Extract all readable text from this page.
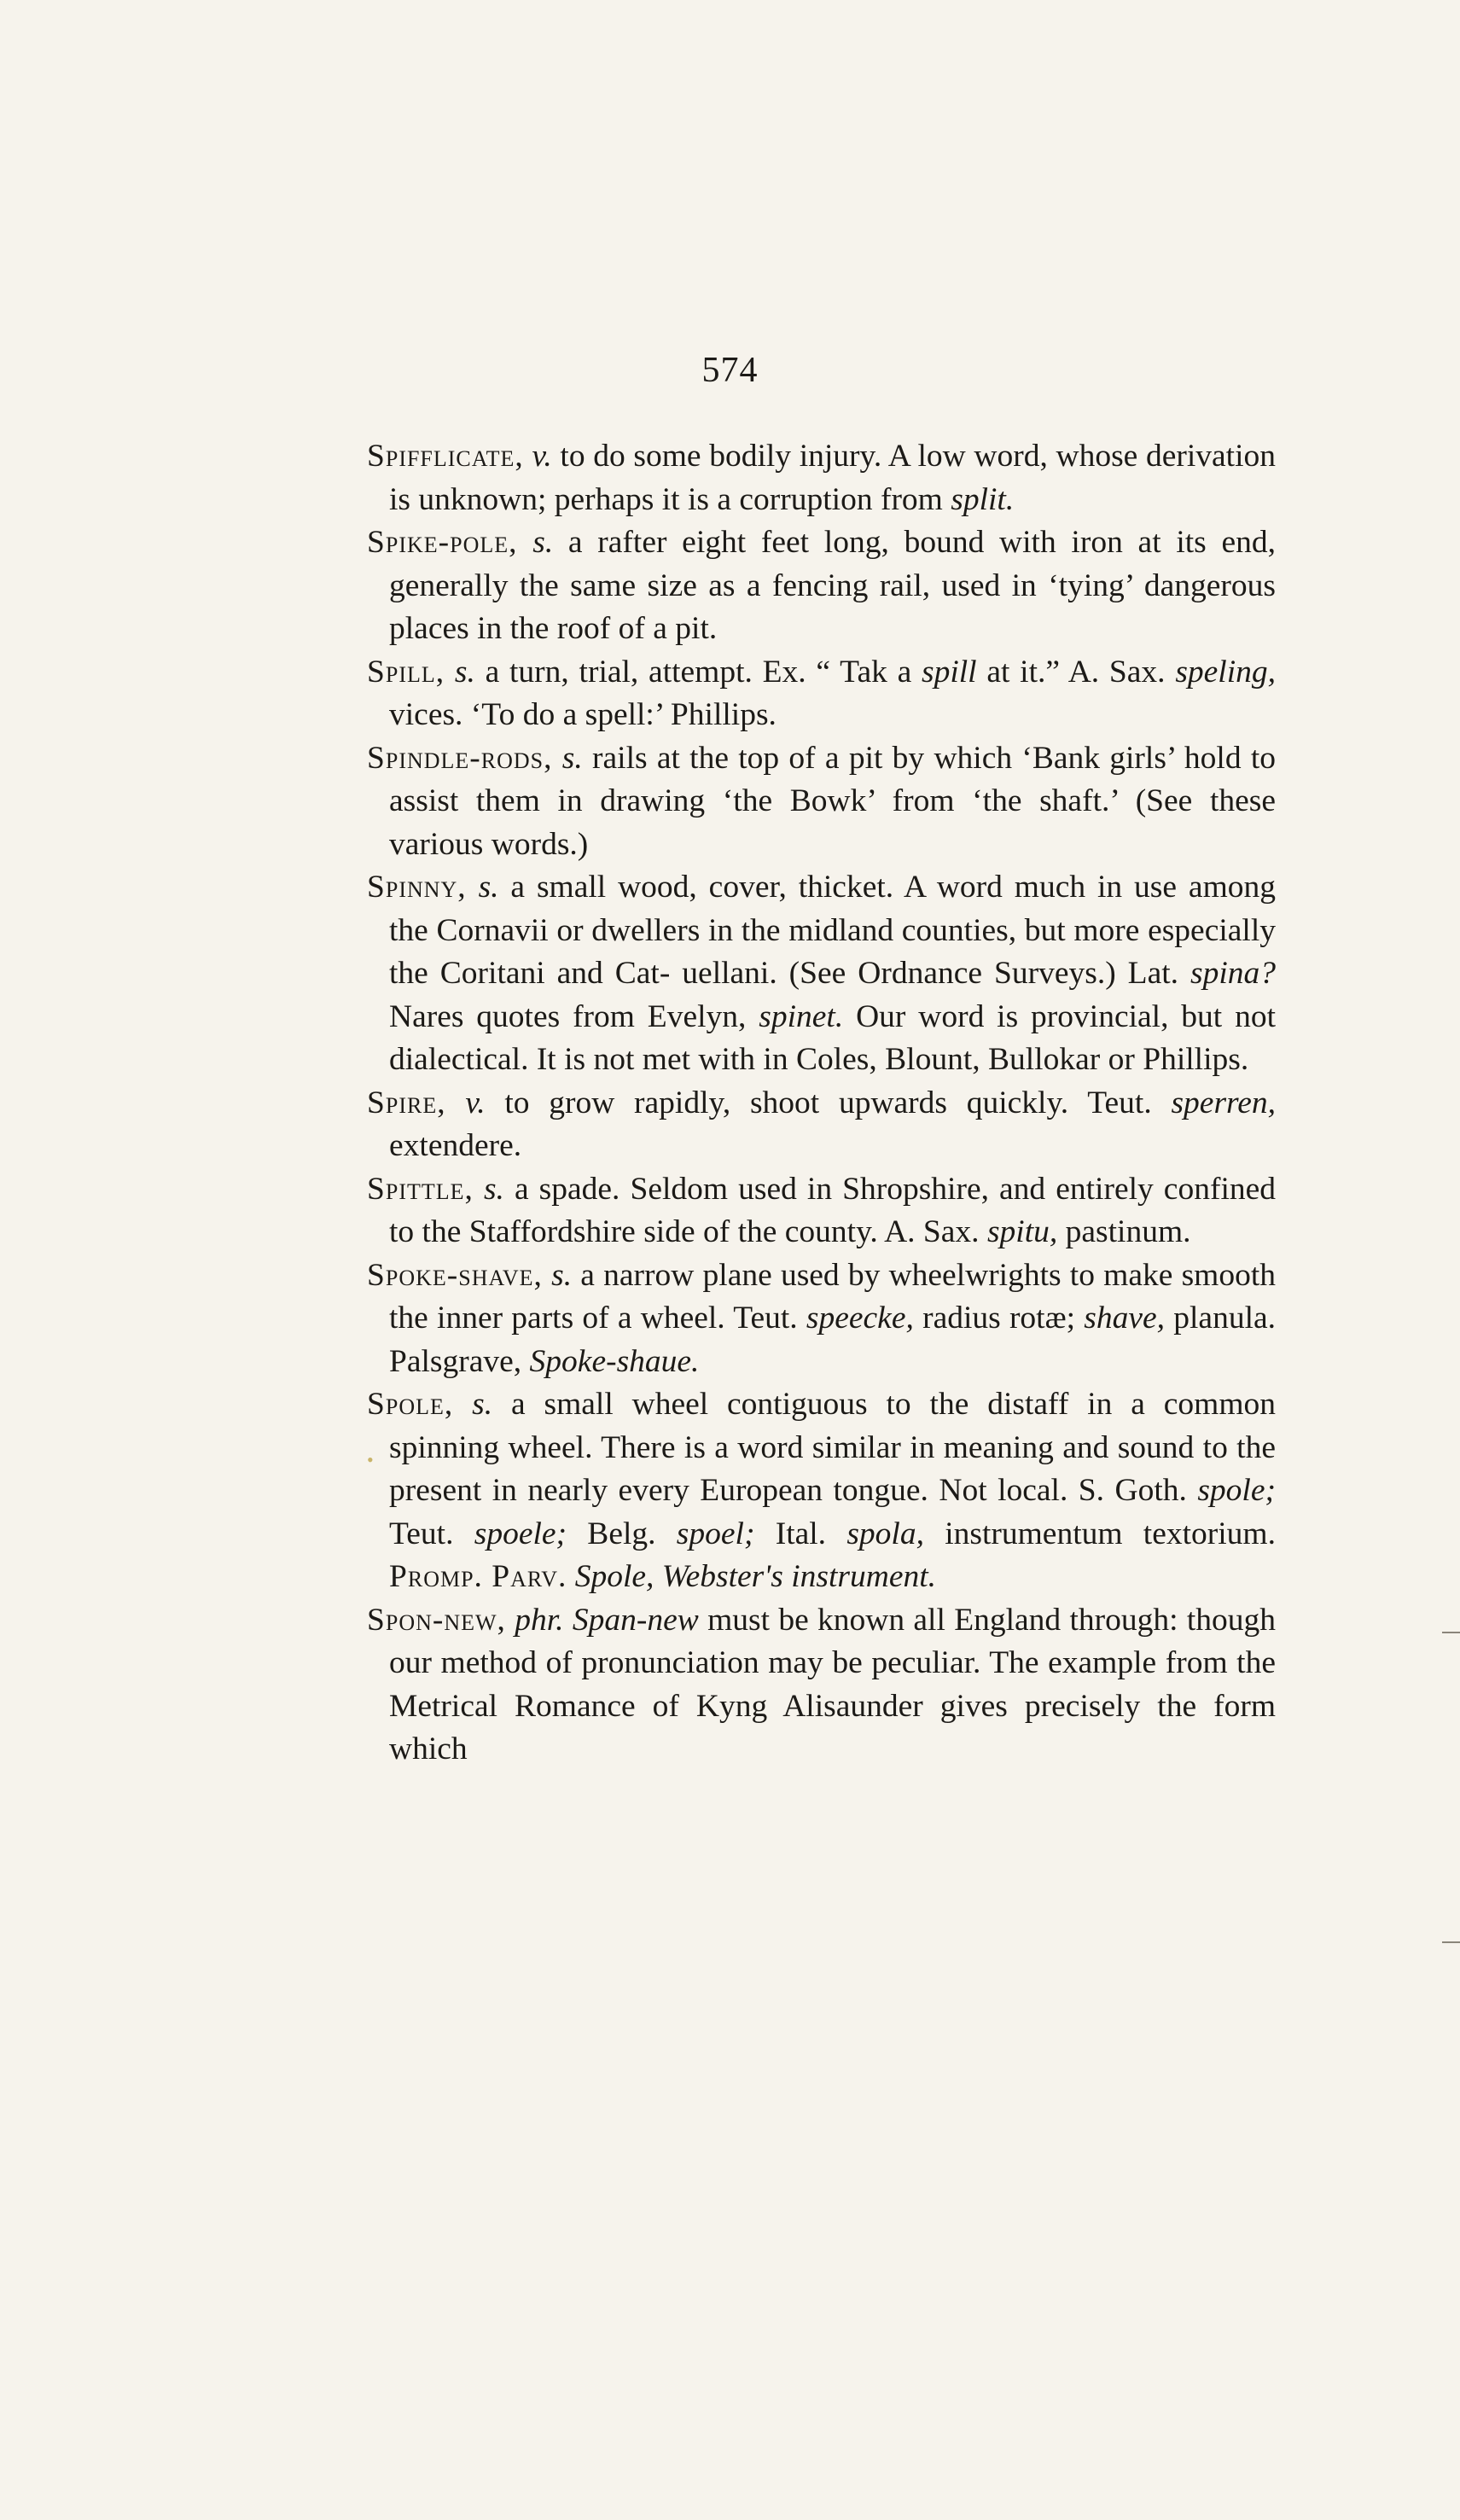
574
•

Spifflicate, v. to do some bodily injury. A low word, whose derivation is unknown; perhaps it is a corruption from split.

Spike-pole, s. a rafter eight feet long, bound with iron at its end, generally the same size as a fencing rail, used in ‘tying’ dangerous places in the roof of a pit.

Spill, s. a turn, trial, attempt. Ex. “ Tak a spill at it.” A. Sax. speling, vices. ‘To do a spell:’ Phillips.

Spindle-rods, s. rails at the top of a pit by which ‘Bank girls’ hold to assist them in drawing ‘the Bowk’ from ‘the shaft.’ (See these various words.)

Spinny, s. a small wood, cover, thicket. A word much in use among the Cornavii or dwellers in the midland counties, but more especially the Coritani and Cat- uellani. (See Ordnance Surveys.) Lat. spina? Nares quotes from Evelyn, spinet. Our word is provincial, but not dialectical. It is not met with in Coles, Blount, Bullokar or Phillips.

Spire, v. to grow rapidly, shoot upwards quickly. Teut. sperren, extendere.

Spittle, s. a spade. Seldom used in Shropshire, and entirely confined to the Staffordshire side of the county. A. Sax. spitu, pastinum.

Spoke-shave, s. a narrow plane used by wheelwrights to make smooth the inner parts of a wheel. Teut. speecke, radius rotæ; shave, planula. Palsgrave, Spoke-shaue.

Spole, s. a small wheel contiguous to the distaff in a common spinning wheel. There is a word similar in meaning and sound to the present in nearly every European tongue. Not local. S. Goth. spole; Teut. spoele; Belg. spoel; Ital. spola, instrumentum textorium. Promp. Parv. Spole, Webster's instrument.

Spon-new, phr. Span-new must be known all England through: though our method of pronunciation may be peculiar. The example from the Metrical Romance of Kyng Alisaunder gives precisely the form which
